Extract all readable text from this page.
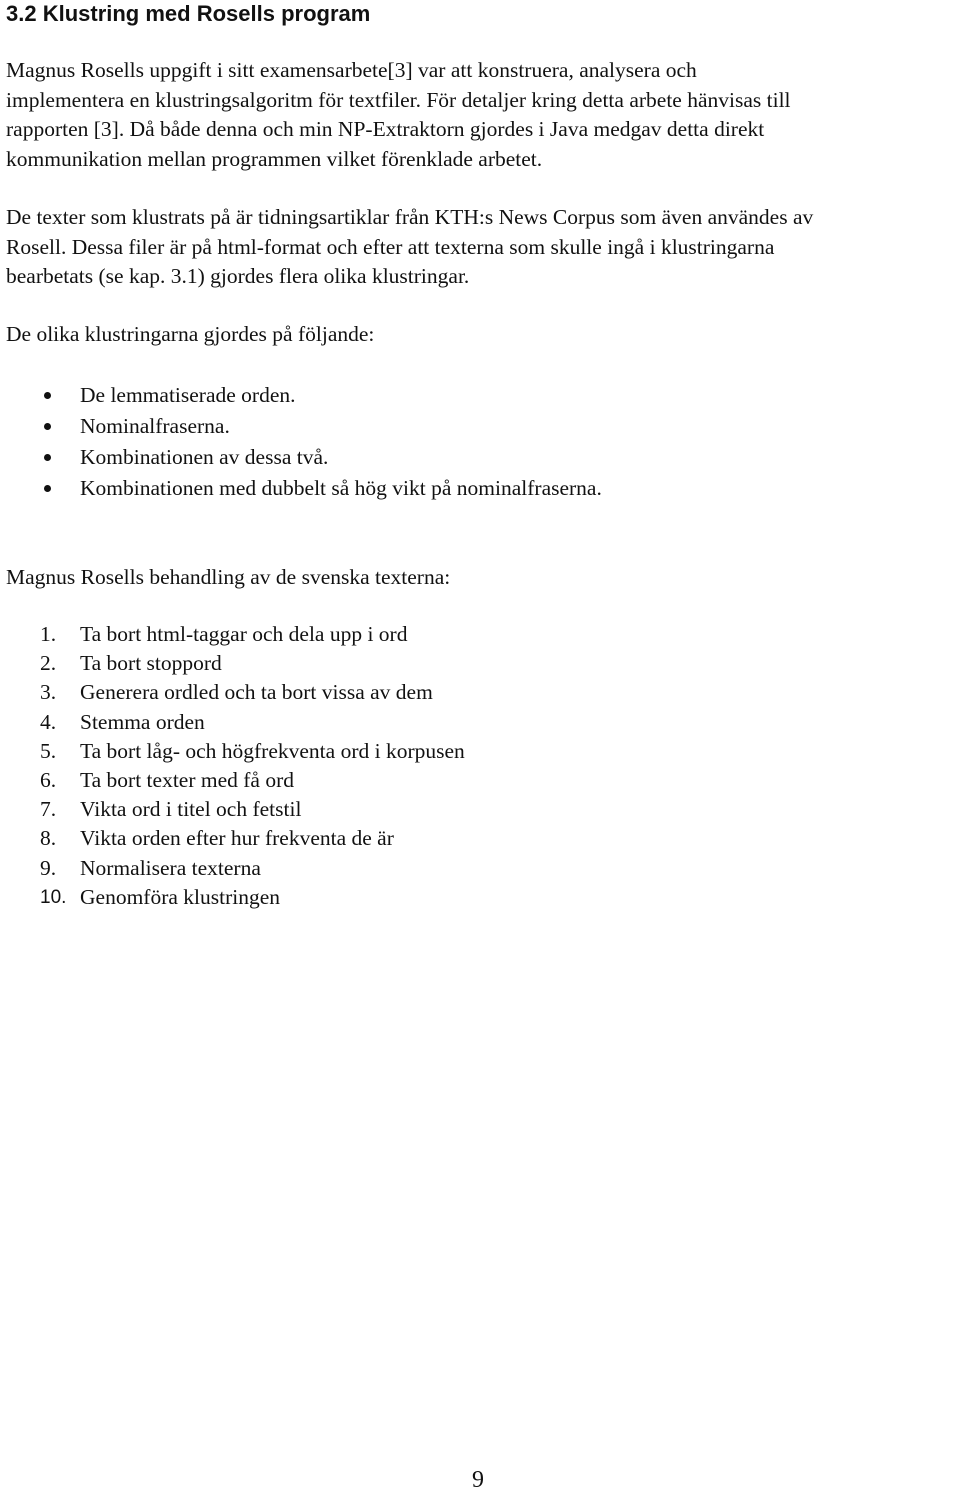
3.2 Klustring med Rosells program
Magnus Rosells uppgift i sitt examensarbete[3] var att konstruera, analysera och
implementera en klustringsalgoritm för textfiler. För detaljer kring detta arbete hänvisas till
rapporten [3]. Då både denna och min NP-Extraktorn gjordes i Java medgav detta direkt
kommunikation mellan programmen vilket förenklade arbetet.
De texter som klustrats på är tidningsartiklar från KTH:s News Corpus som även användes av
Rosell. Dessa filer är på html-format och efter att texterna som skulle ingå i klustringarna
bearbetats (se kap. 3.1) gjordes flera olika klustringar.
De olika klustringarna gjordes på följande:
De lemmatiserade orden.
Nominalfraserna.
Kombinationen av dessa två.
Kombinationen med dubbelt så hög vikt på nominalfraserna.
Magnus Rosells behandling av de svenska texterna:
1. Ta bort html-taggar och dela upp i ord
2. Ta bort stoppord
3. Generera ordled och ta bort vissa av dem
4. Stemma orden
5. Ta bort låg- och högfrekventa ord i korpusen
6. Ta bort texter med få ord
7. Vikta ord i titel och fetstil
8. Vikta orden efter hur frekventa de är
9. Normalisera texterna
10. Genomföra klustringen
9
